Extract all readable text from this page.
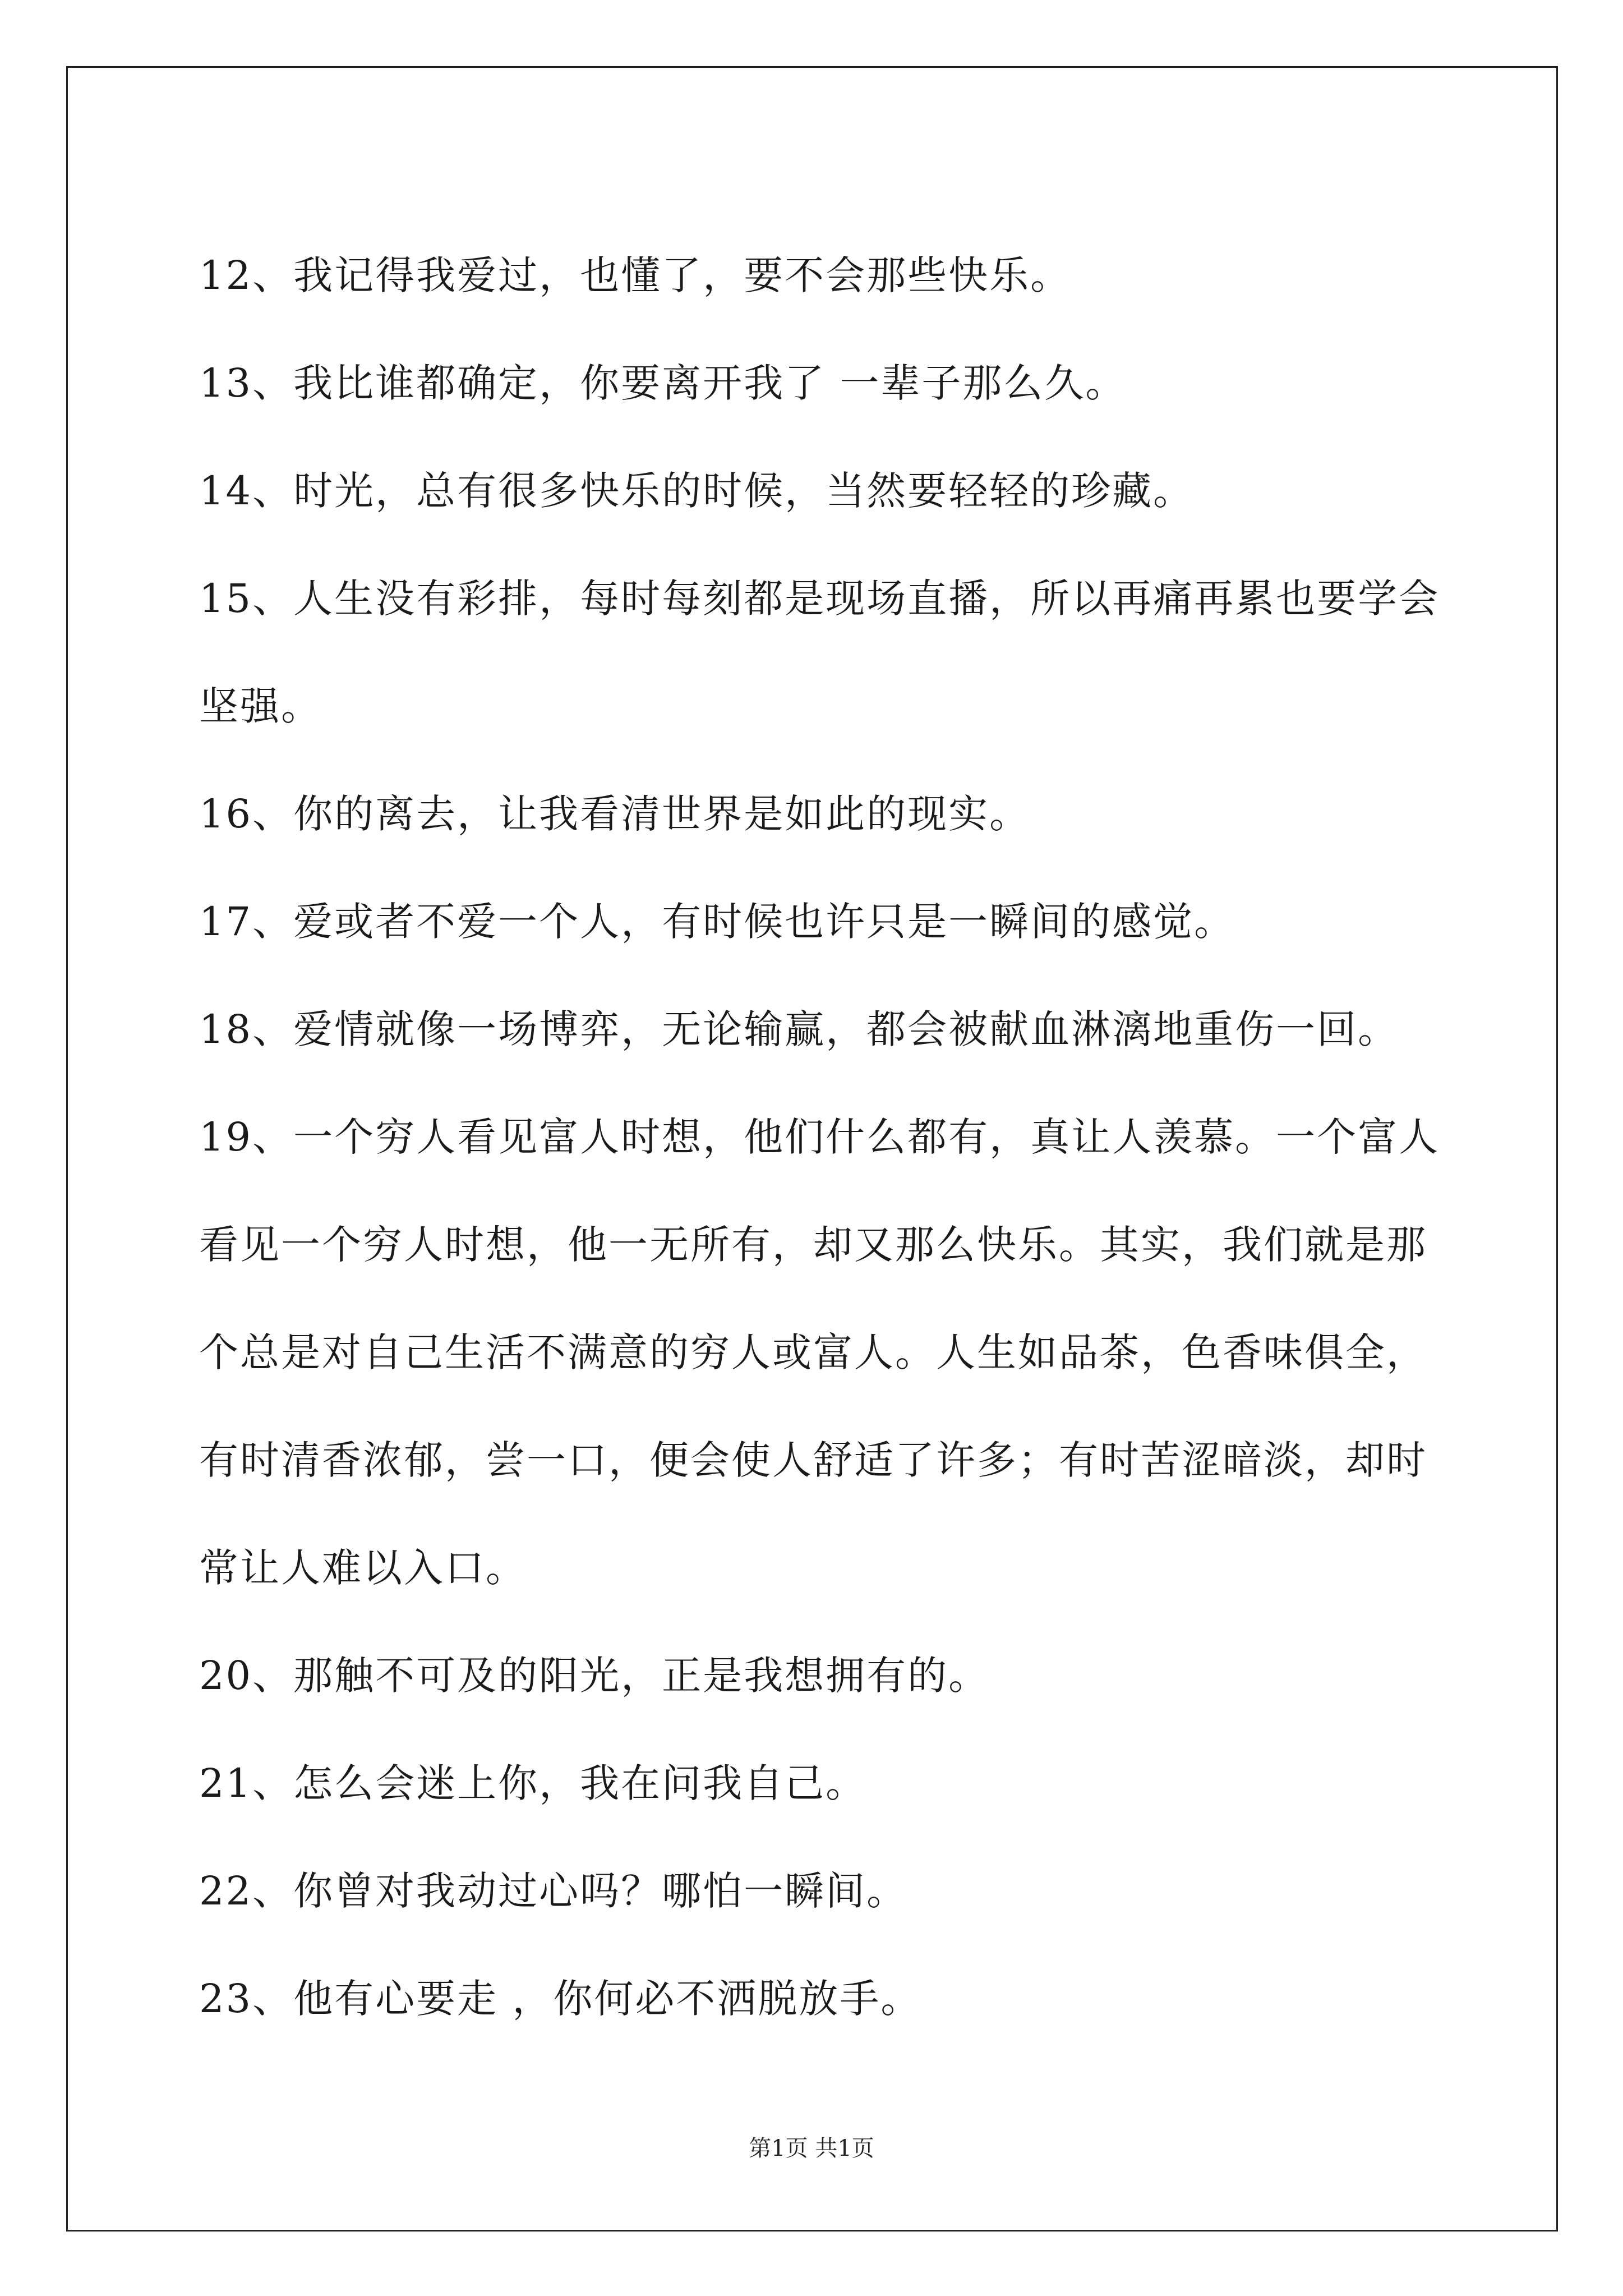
12、我记得我爱过，也懂了，要不会那些快乐。

13、我比谁都确定，你要离开我了 一辈子那么久。

14、时光，总有很多快乐的时候，当然要轻轻的珍藏。

15、人生没有彩排，每时每刻都是现场直播，所以再痛再累也要学会
坚强。

16、你的离去，让我看清世界是如此的现实。

17、爱或者不爱一个人，有时候也许只是一瞬间的感觉。

18、爱情就像一场博弈，无论输赢，都会被献血淋漓地重伤一回。

19、一个穷人看见富人时想，他们什么都有，真让人羡慕。一个富人
看见一个穷人时想，他一无所有，却又那么快乐。其实，我们就是那
个总是对自己生活不满意的穷人或富人。人生如品茶，色香味俱全，
有时清香浓郁，尝一口，便会使人舒适了许多；有时苦涩暗淡，却时
常让人难以入口。

20、那触不可及的阳光，正是我想拥有的。

21、怎么会迷上你，我在问我自己。

22、你曾对我动过心吗？哪怕一瞬间。

23、他有心要走 ，你何必不洒脱放手。

第1页 共1页
